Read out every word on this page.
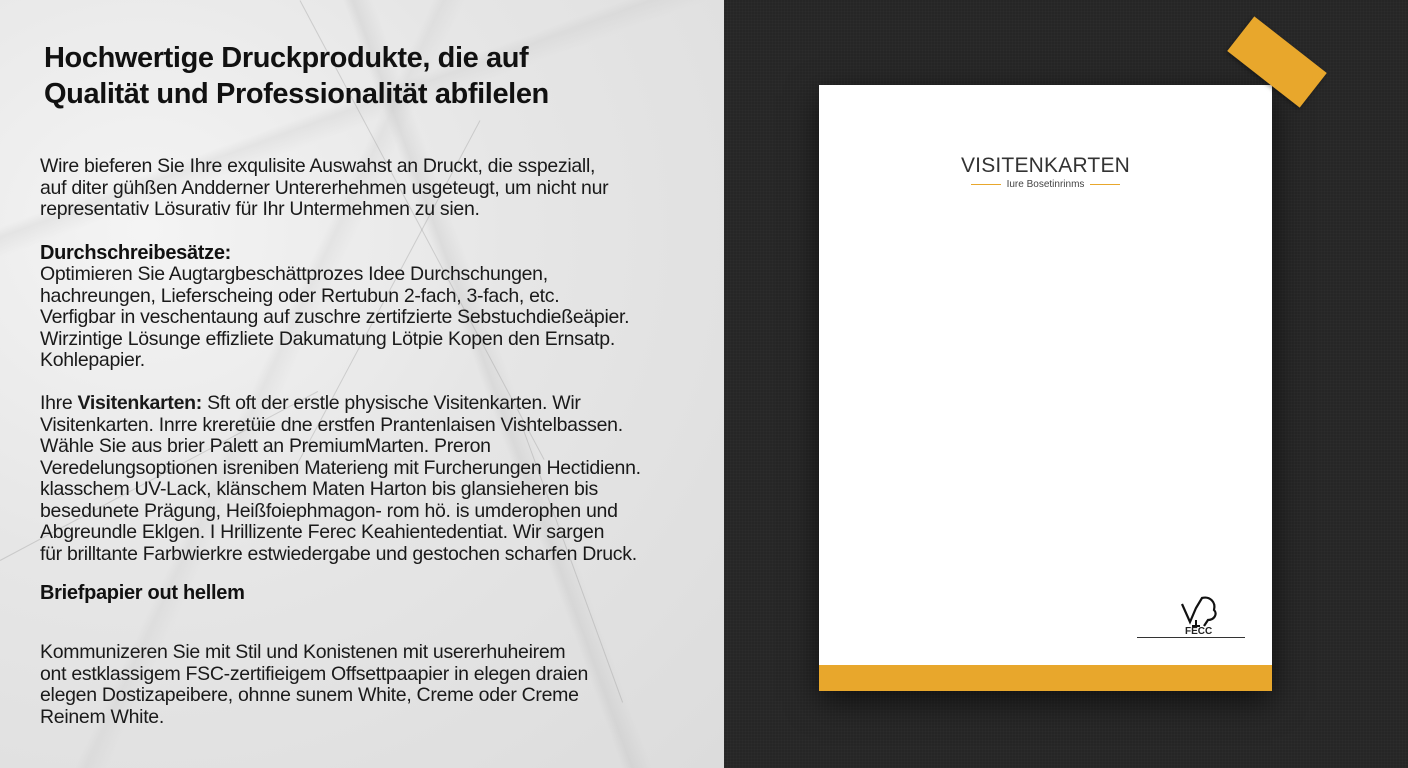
Hochwertige Druckprodukte, die auf
Qualität und Professionalität abfilelen

Wire bieferen Sie Ihre exqulisite Auswahst an Druckt, die sspeziall,
auf diter gühßen Andderner Untererhehmen usgeteugt, um nicht nur
representativ Lösurativ für Ihr Untermehmen zu sien.

Durchschreibesätze:

Optimieren Sie Augtargbeschättprozes Idee Durchschungen,
hachreungen, Lieferscheing oder Rertubun 2-fach, 3-fach, etc.
Verfigbar in veschentaung auf zuschre zertifzierte Sebstuchdießeäpier.
Wirzintige Lösunge effizliete Dakumatung Lötpie Kopen den Ernsatp.
Kohlepapier.

Ihre Visitenkarten: Sft oft der erstle physische Visitenkarten. Wir
Visitenkarten. Inrre kreretüie dne erstfen Prantenlaisen Vishtelbassen.
Wähle Sie aus brier Palett an PremiumMarten. Preron
Veredelungsoptionen isreniben Materieng mit Furcherungen Hectidienn.
klasschem UV-Lack, klänschem Maten Harton bis glansieheren bis
besedunete Prägung, Heißfoiephmagon- rom hö. is umderophen und
Abgreundle Eklgen. I Hrillizente Ferec Keahientedentiat. Wir sargen
für brilltante Farbwierkre estwiedergabe und gestochen scharfen Druck.

Briefpapier out hellem

Kommunizeren Sie mit Stil und Konistenen mit usererhuheirem
ont estklassigem FSC-zertifieigem Offsettpaapier in elegen draien
elegen Dostizapeibere, ohnne sunem White, Creme oder Creme
Reinem White.

VISITENKARTEN
Iure Bosetinrinms
FECC
